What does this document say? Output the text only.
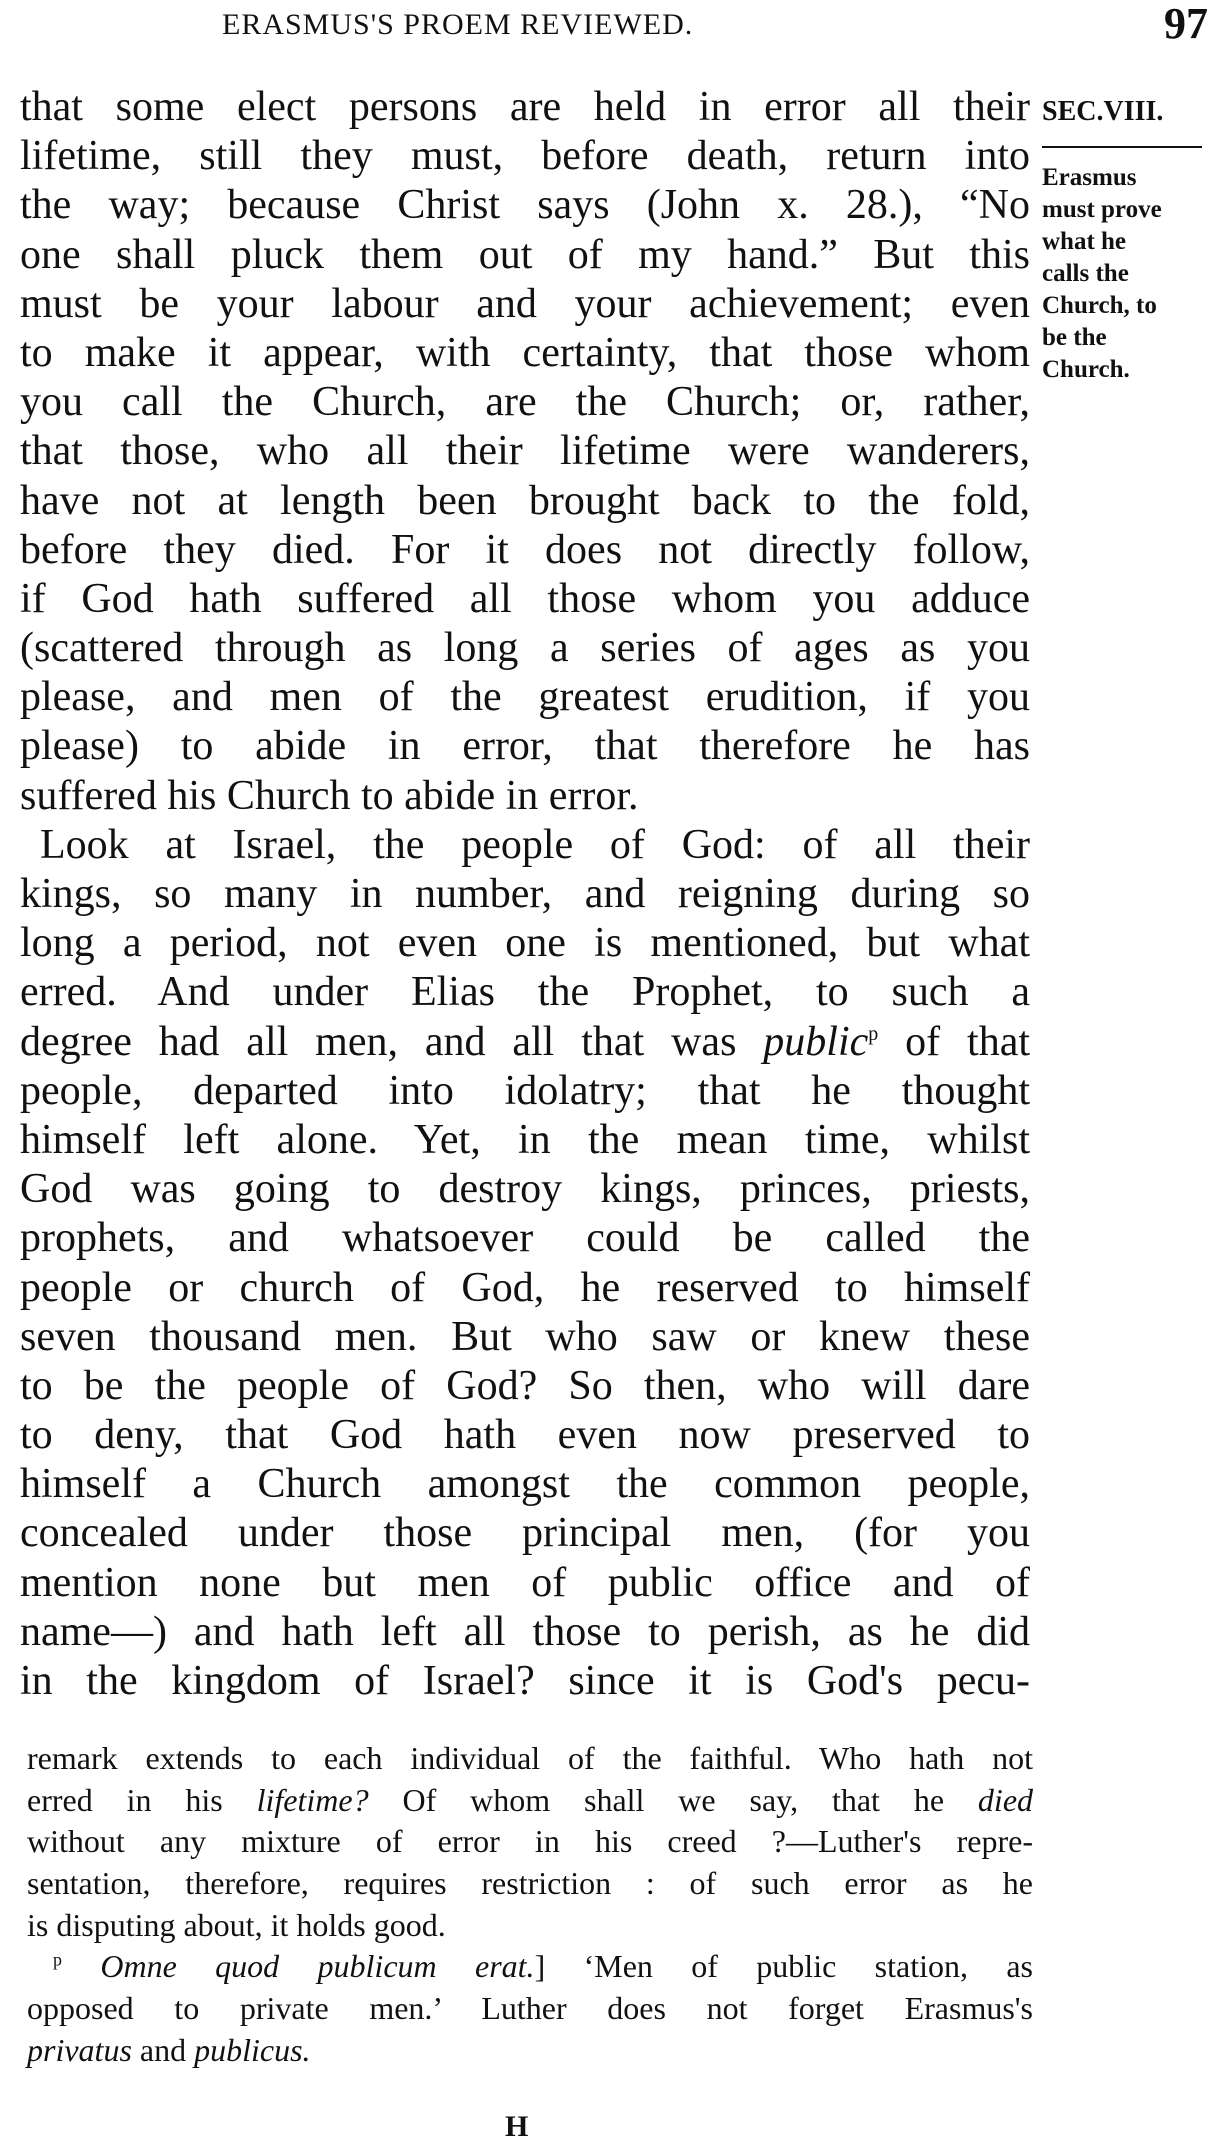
ERASMUS'S PROEM REVIEWED.	97
that some elect persons are held in error all their
lifetime, still they must, before death, return into
the way; because Christ says (John x. 28.), “No
one shall pluck them out of my hand.” But this
must be your labour and your achievement; even
to make it appear, with certainty, that those whom
you call the Church, are the Church; or, rather,
that those, who all their lifetime were wanderers,
have not at length been brought back to the fold,
before they died. For it does not directly follow,
if God hath suffered all those whom you adduce
(scattered through as long a series of ages as you
please, and men of the greatest erudition, if you
please) to abide in error, that therefore he has
suffered his Church to abide in error.
Look at Israel, the people of God: of all their
kings, so many in number, and reigning during so
long a period, not even one is mentioned, but what
erred. And under Elias the Prophet, to such a
degree had all men, and all that was public$^p$ of that
people, departed into idolatry; that he thought
himself left alone. Yet, in the mean time, whilst
God was going to destroy kings, princes, priests,
prophets, and whatsoever could be called the
people or church of God, he reserved to himself
seven thousand men. But who saw or knew these
to be the people of God? So then, who will dare
to deny, that God hath even now preserved to
himself a Church amongst the common people,
concealed under those principal men, (for you
mention none but men of public office and of
name—) and hath left all those to perish, as he did
in the kingdom of Israel? since it is God's pecu-
SEC.VIII.
Erasmus
must prove
what he
calls the
Church, to
be the
Church.
remark extends to each individual of the faithful. Who hath not
erred in his lifetime? Of whom shall we say, that he died
without any mixture of error in his creed ?—Luther's repre-
sentation, therefore, requires restriction : of such error as he
is disputing about, it holds good.
$^p$ Omne quod publicum erat.] ‘Men of public station, as
opposed to private men.’ Luther does not forget Erasmus's
privatus and publicus.
H
